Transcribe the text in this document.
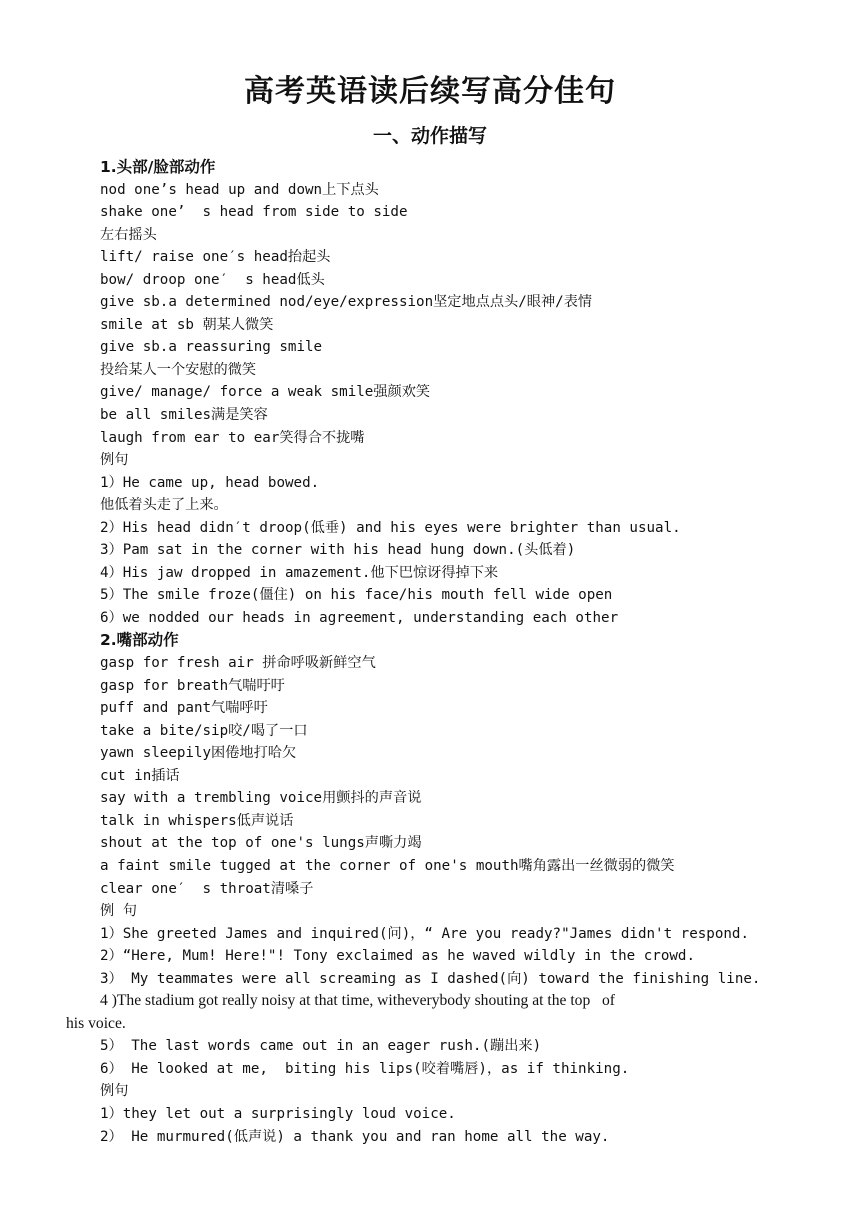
高考英语读后续写高分佳句
一、动作描写
1.头部/脸部动作
nod one’s head up and down上下点头
shake one’  s head from side to side
左右摇头
lift/ raise one′s head抬起头
bow/ droop one′  s head低头
give sb.a determined nod/eye/expression坚定地点点头/眼神/表情
smile at sb 朝某人微笑
give sb.a reassuring smile
投给某人一个安慰的微笑
give/ manage/ force a weak smile强颜欢笑
be all smiles满是笑容
laugh from ear to ear笑得合不拢嘴
例句
1）He came up, head bowed.
他低着头走了上来。
2）His head didn′t droop(低垂) and his eyes were brighter than usual.
3）Pam sat in the corner with his head hung down.(头低着)
4）His jaw dropped in amazement.他下巴惊讶得掉下来
5）The smile froze(僵住) on his face/his mouth fell wide open
6）we nodded our heads in agreement, understanding each other
2.嘴部动作
gasp for fresh air 拼命呼吸新鲜空气
gasp for breath气喘吁吁
puff and pant气喘呼吁
take a bite/sip咬/喝了一口
yawn sleepily困倦地打哈欠
cut in插话
say with a trembling voice用颤抖的声音说
talk in whispers低声说话
shout at the top of one's lungs声嘶力竭
a faint smile tugged at the corner of one's mouth嘴角露出一丝微弱的微笑
clear one′  s throat清嗓子
例 句
1）She greeted James and inquired(问)，“ Are you ready?"James didn't respond.
2）“Here, Mum! Here!"! Tony exclaimed as he waved wildly in the crowd.
3） My teammates were all screaming as I dashed(向) toward the finishing line.
4 )The stadium got really noisy at that time, witheverybody shouting at the top   of
his voice.
5） The last words came out in an eager rush.(蹦出来)
6） He looked at me,  biting his lips(咬着嘴唇)，as if thinking.
例句
1）they let out a surprisingly loud voice.
2） He murmured(低声说) a thank you and ran home all the way.
